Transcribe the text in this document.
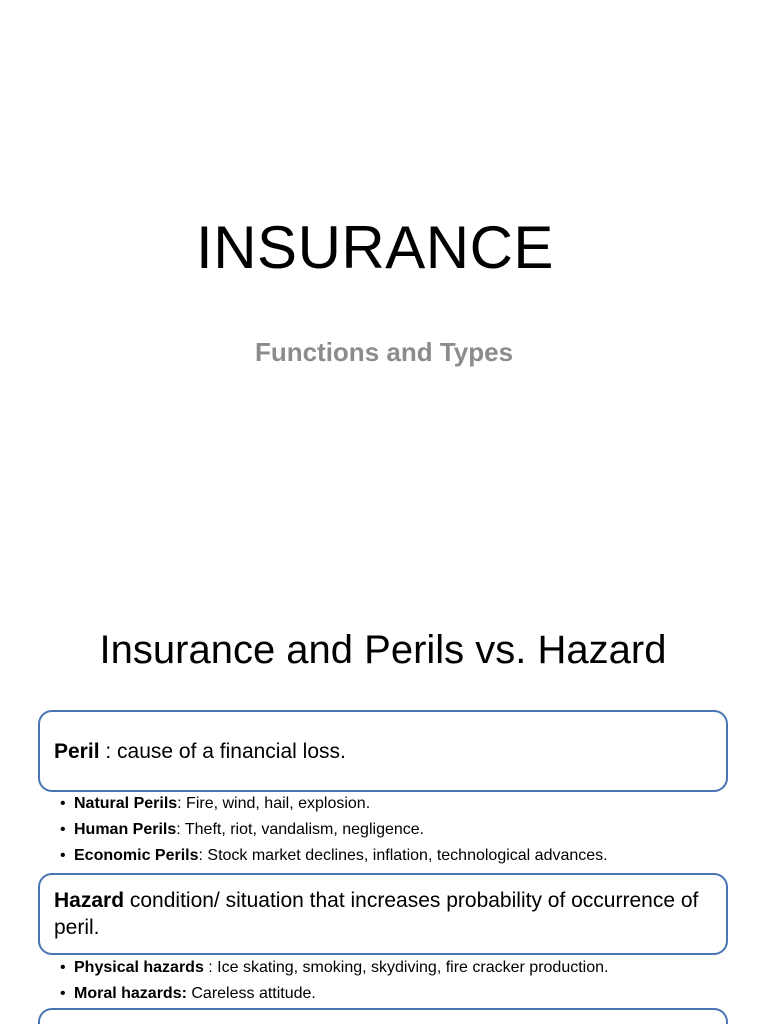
INSURANCE
Functions and Types
Insurance and Perils vs. Hazard
Peril : cause of a financial loss.
• Natural Perils: Fire, wind, hail, explosion.
• Human Perils: Theft, riot, vandalism, negligence.
• Economic Perils: Stock market declines, inflation, technological advances.
Hazard condition/ situation that increases probability of occurrence of peril.
• Physical hazards : Ice skating, smoking, skydiving, fire cracker production.
• Moral hazards: Careless attitude.
